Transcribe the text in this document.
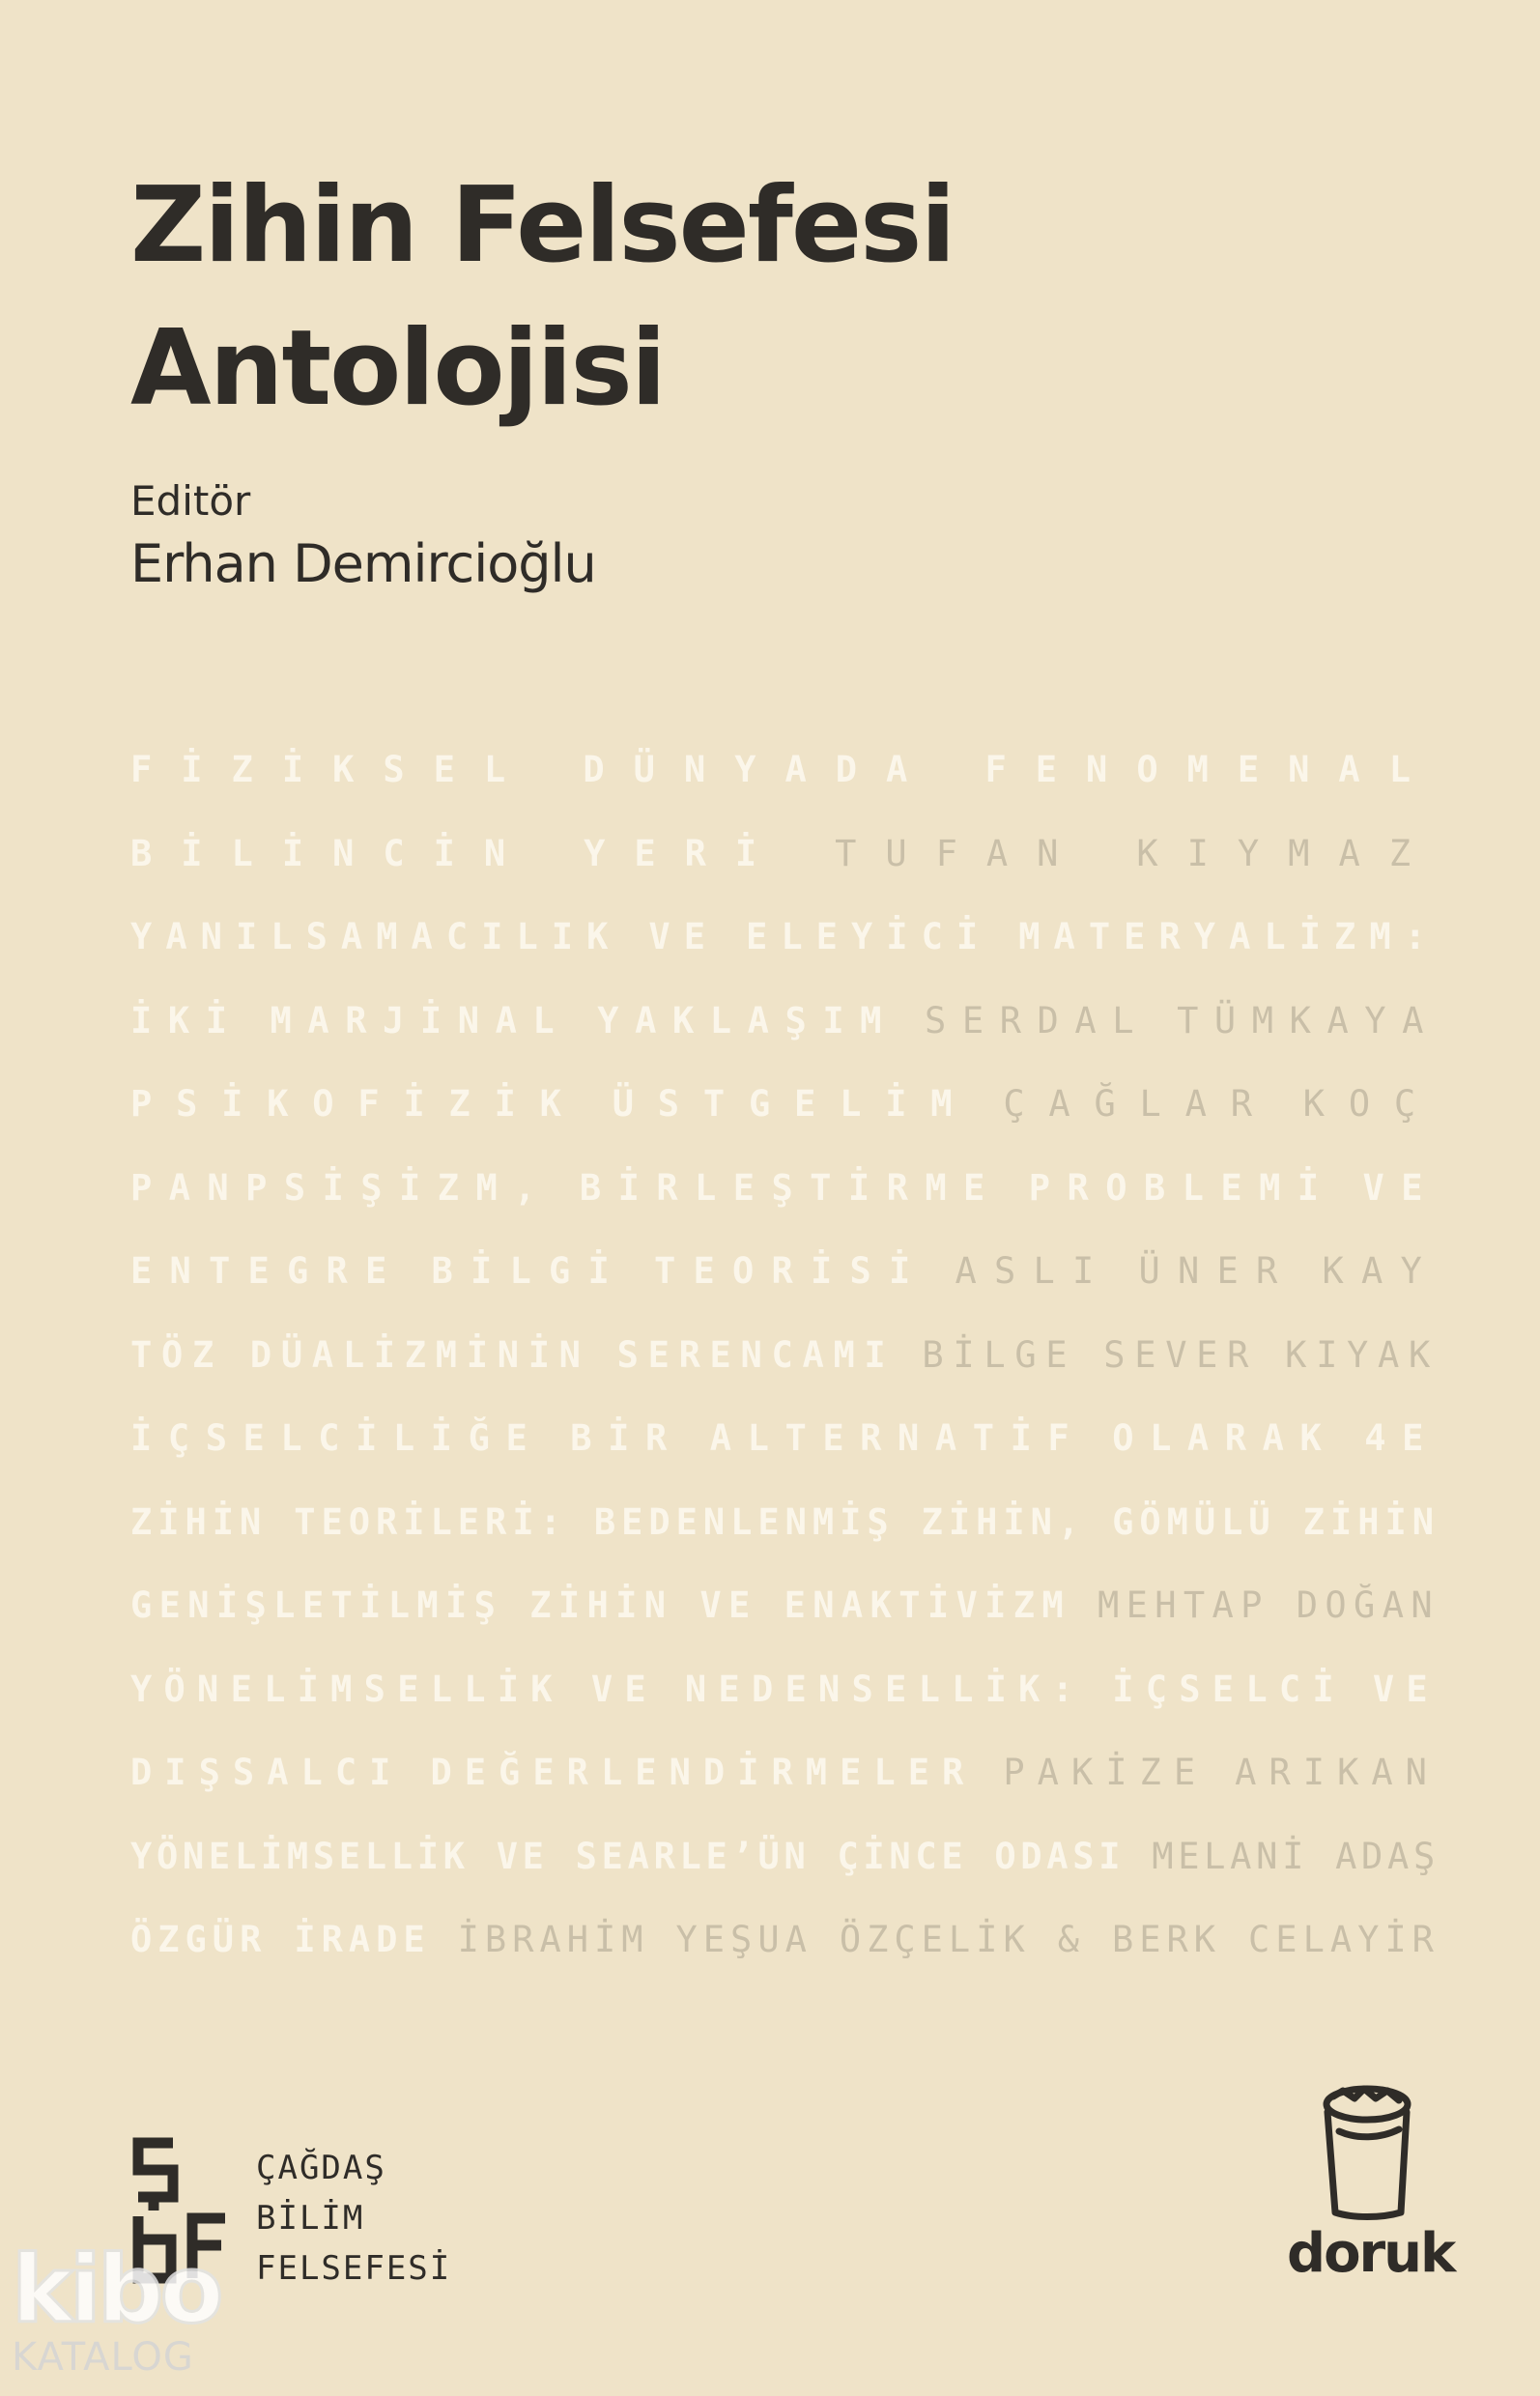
Zihin Felsefesi
Antolojisi
Editör
Erhan Demircioğlu
FİZİKSEL DÜNYADA FENOMENAL
BİLİNCİN YERİ TUFAN KIYMAZ
YANILSAMACILIK VE ELEYİCİ MATERYALİZM:
İKİ MARJİNAL YAKLAŞIM SERDAL TÜMKAYA
PSİKOFİZİK ÜSTGELİM ÇAĞLAR KOÇ
PANPSİŞİZM, BİRLEŞTİRME PROBLEMİ VE
ENTEGRE BİLGİ TEORİSİ ASLI ÜNER KAY
TÖZ DÜALİZMİNİN SERENCAMI BİLGE SEVER KIYAK
İÇSELCİLİĞE BİR ALTERNATİF OLARAK 4E
ZİHİN TEORİLERİ: BEDENLENMİŞ ZİHİN, GÖMÜLÜ ZİHİN
GENİŞLETİLMİŞ ZİHİN VE ENAKTİVİZM MEHTAP DOĞAN
YÖNELİMSELLİK VE NEDENSELLİK: İÇSELCİ VE
DIŞSALCI DEĞERLENDİRMELER PAKİZE ARIKAN
YÖNELİMSELLİK VE SEARLE’ÜN ÇİNCE ODASI MELANİ ADAŞ
ÖZGÜR İRADE İBRAHİM YEŞUA ÖZÇELİK & BERK CELAYİR
ÇAĞDAŞ
BİLİM
FELSEFESİ	doruk
kibo
KATALOG
